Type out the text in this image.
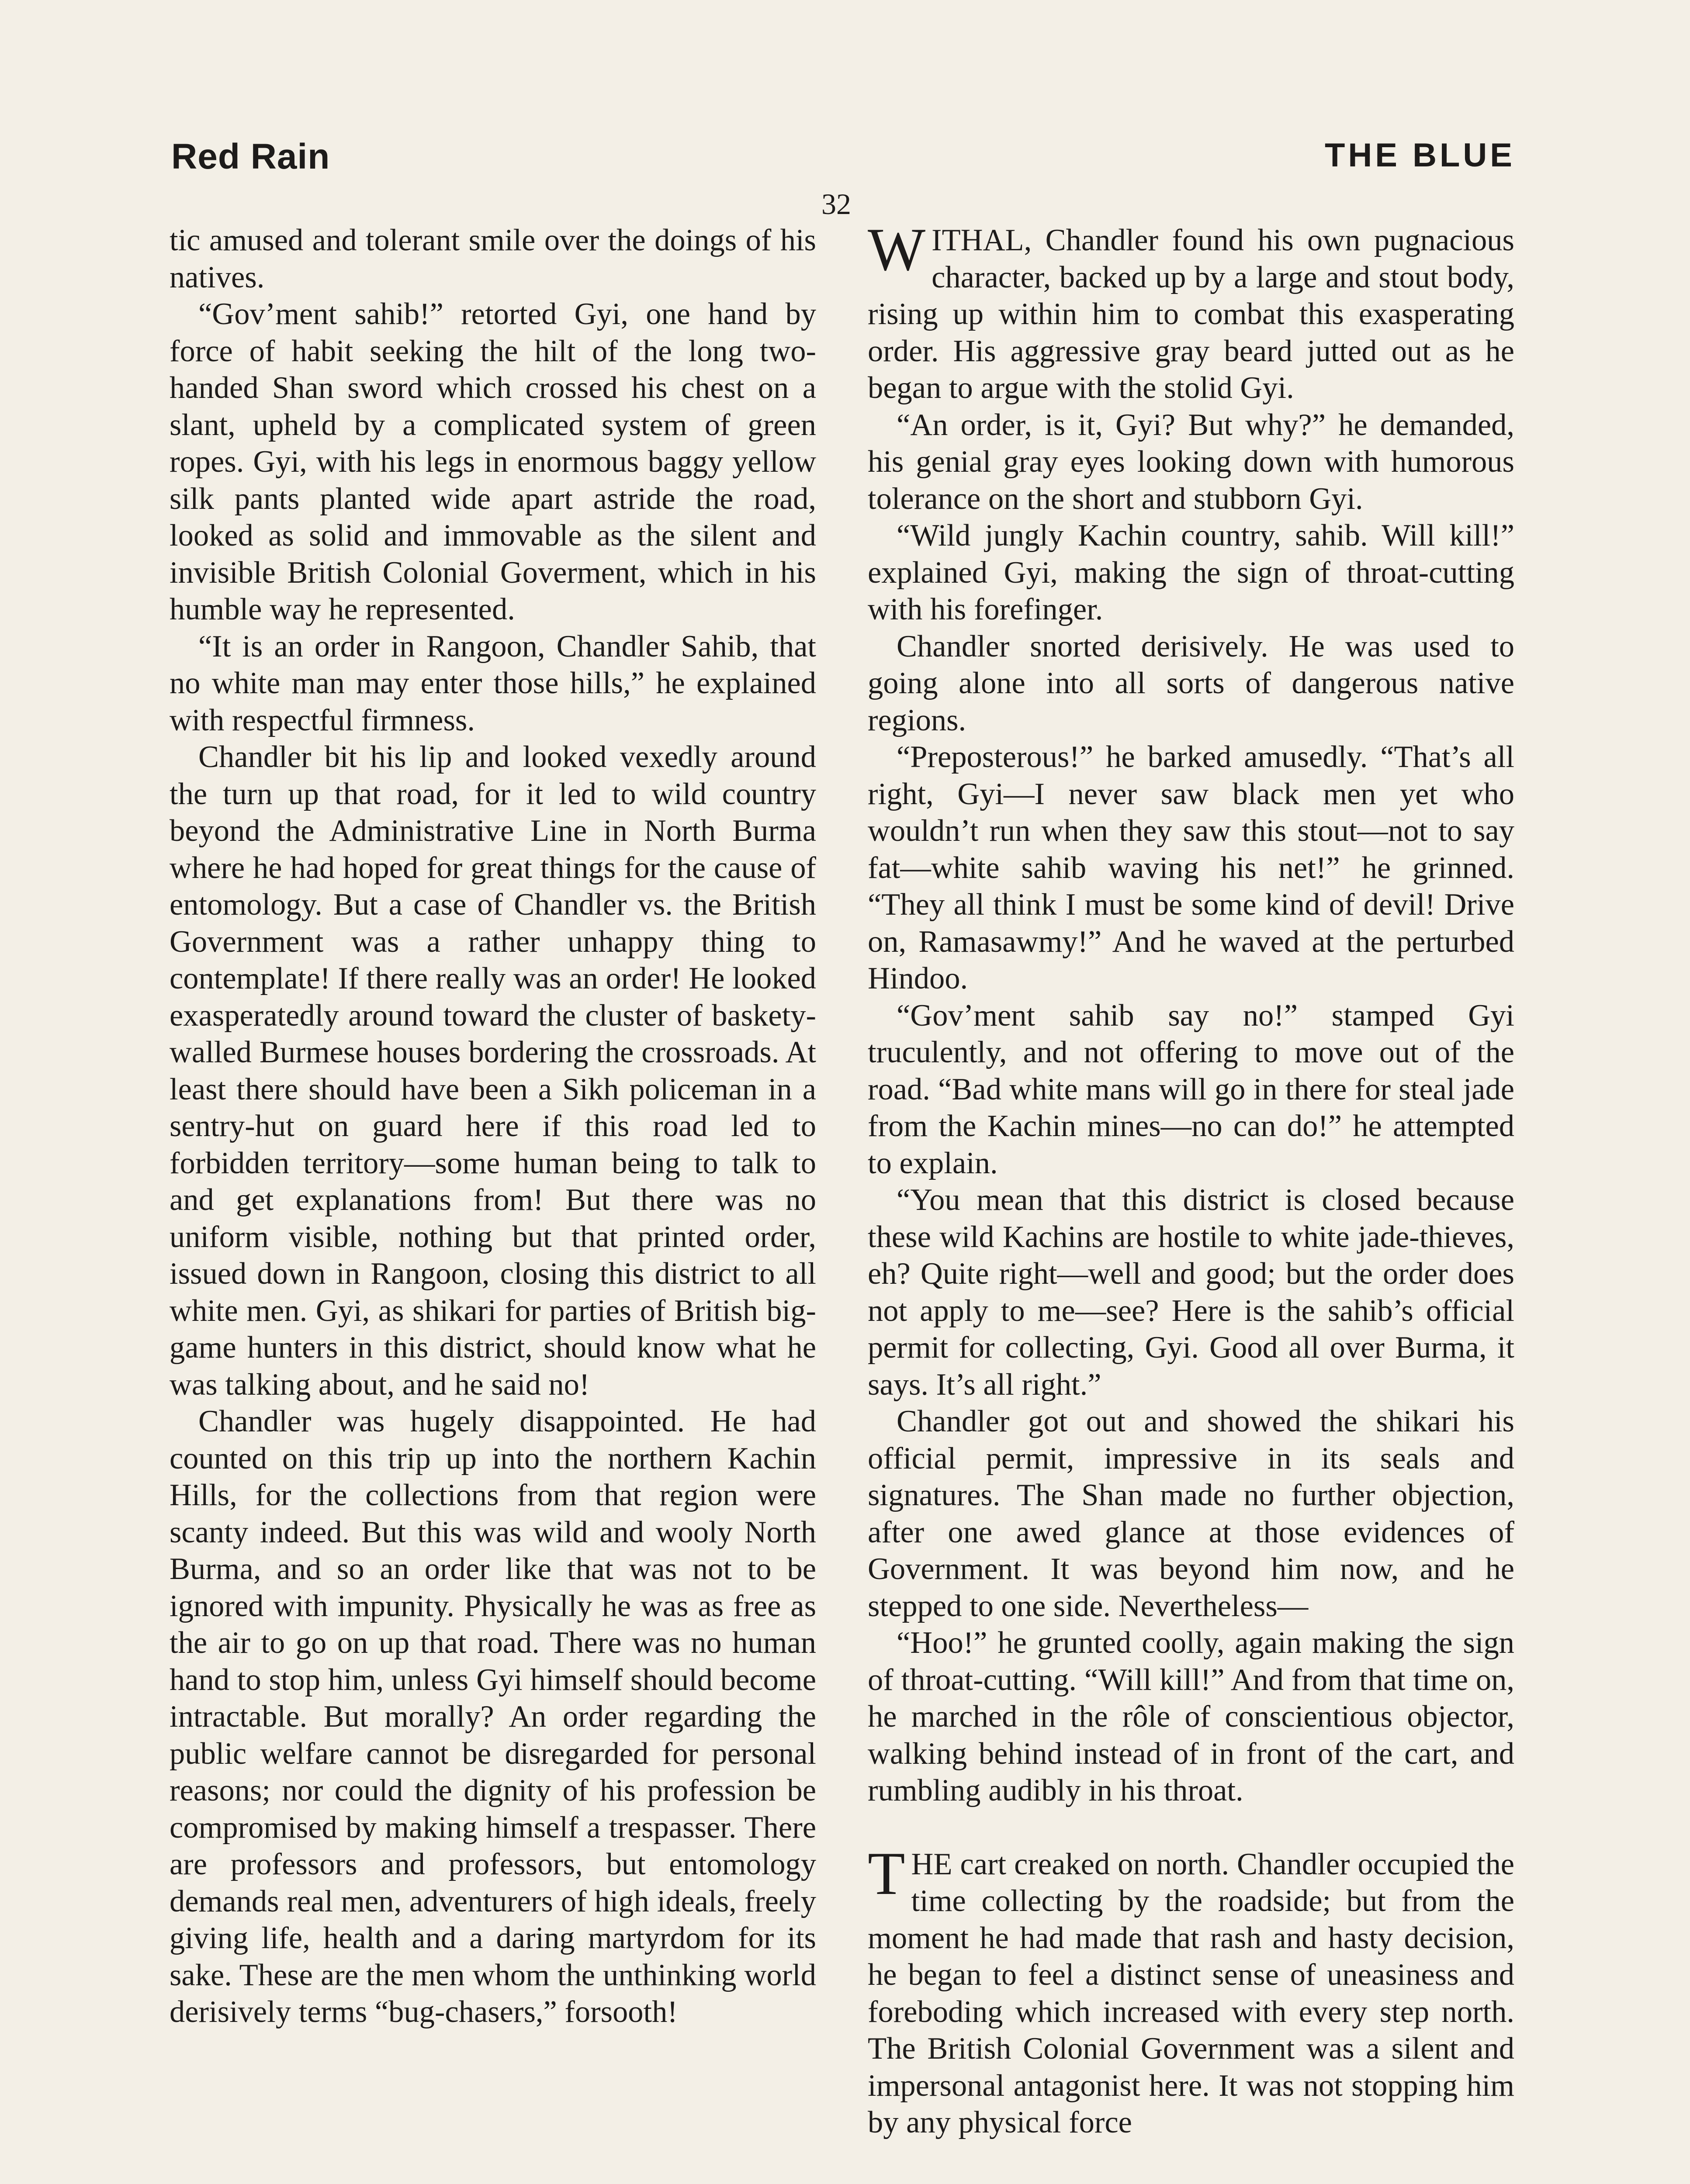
Red Rain	THE BLUE
32

tic amused and tolerant smile over the doings of his natives.

“Gov’ment sahib!” retorted Gyi, one hand by force of habit seeking the hilt of the long two-handed Shan sword which crossed his chest on a slant, upheld by a complicated system of green ropes. Gyi, with his legs in enormous baggy yellow silk pants planted wide apart astride the road, looked as solid and immovable as the silent and invisible British Colonial Goverment, which in his humble way he represented.

“It is an order in Rangoon, Chandler Sahib, that no white man may enter those hills,” he explained with respectful firmness.

Chandler bit his lip and looked vexedly around the turn up that road, for it led to wild country beyond the Administrative Line in North Burma where he had hoped for great things for the cause of entomology. But a case of Chandler vs. the British Government was a rather unhappy thing to contemplate! If there really was an order! He looked exasperatedly around toward the cluster of baskety-walled Burmese houses bordering the crossroads. At least there should have been a Sikh policeman in a sentry-hut on guard here if this road led to forbidden territory—some human being to talk to and get explanations from! But there was no uniform visible, nothing but that printed order, issued down in Rangoon, closing this district to all white men. Gyi, as shikari for parties of British big-game hunters in this district, should know what he was talking about, and he said no!

Chandler was hugely disappointed. He had counted on this trip up into the northern Kachin Hills, for the collections from that region were scanty indeed. But this was wild and wooly North Burma, and so an order like that was not to be ignored with impunity. Physically he was as free as the air to go on up that road. There was no human hand to stop him, unless Gyi himself should become intractable. But morally? An order regarding the public welfare cannot be disregarded for personal reasons; nor could the dignity of his profession be compromised by making himself a trespasser. There are professors and professors, but entomology demands real men, adventurers of high ideals, freely giving life, health and a daring martyrdom for its sake. These are the men whom the unthinking world derisively terms “bug-chasers,” forsooth!

WITHAL, Chandler found his own pugnacious character, backed up by a large and stout body, rising up within him to combat this exasperating order. His aggressive gray beard jutted out as he began to argue with the stolid Gyi.

“An order, is it, Gyi? But why?” he demanded, his genial gray eyes looking down with humorous tolerance on the short and stubborn Gyi.

“Wild jungly Kachin country, sahib. Will kill!” explained Gyi, making the sign of throat-cutting with his forefinger.

Chandler snorted derisively. He was used to going alone into all sorts of dangerous native regions.

“Preposterous!” he barked amusedly. “That’s all right, Gyi—I never saw black men yet who wouldn’t run when they saw this stout—not to say fat—white sahib waving his net!” he grinned. “They all think I must be some kind of devil! Drive on, Ramasawmy!” And he waved at the perturbed Hindoo.

“Gov’ment sahib say no!” stamped Gyi truculently, and not offering to move out of the road. “Bad white mans will go in there for steal jade from the Kachin mines—no can do!” he attempted to explain.

“You mean that this district is closed because these wild Kachins are hostile to white jade-thieves, eh? Quite right—well and good; but the order does not apply to me—see? Here is the sahib’s official permit for collecting, Gyi. Good all over Burma, it says. It’s all right.”

Chandler got out and showed the shikari his official permit, impressive in its seals and signatures. The Shan made no further objection, after one awed glance at those evidences of Government. It was beyond him now, and he stepped to one side. Nevertheless—

“Hoo!” he grunted coolly, again making the sign of throat-cutting. “Will kill!” And from that time on, he marched in the rôle of conscientious objector, walking behind instead of in front of the cart, and rumbling audibly in his throat.

THE cart creaked on north. Chandler occupied the time collecting by the roadside; but from the moment he had made that rash and hasty decision, he began to feel a distinct sense of uneasiness and foreboding which increased with every step north. The British Colonial Government was a silent and impersonal antagonist here. It was not stopping him by any physical force
